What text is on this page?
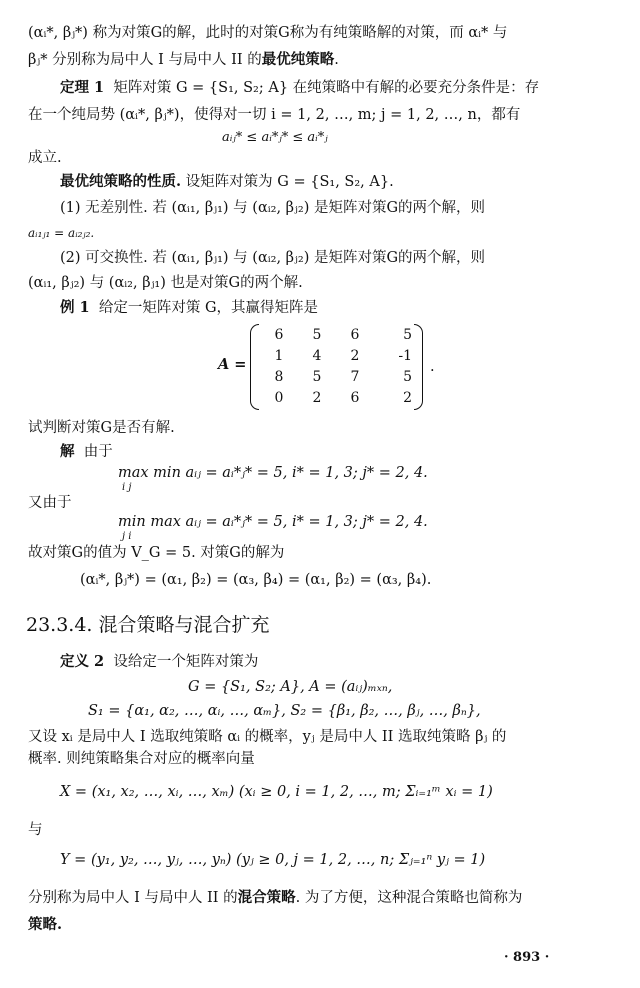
(αᵢ*, βⱼ*) 称为对策G的解，此时的对策G称为有纯策略解的对策，而 αᵢ* 与
βⱼ* 分别称为局中人 I 与局中人 II 的最优纯策略.
定理 1 矩阵对策 G = {S₁, S₂; A} 在纯策略中有解的必要充分条件是：存
在一个纯局势 (αᵢ*, βⱼ*)，使得对一切 i = 1, 2, …, m; j = 1, 2, …, n，都有
aᵢⱼ* ≤ aᵢ*ⱼ* ≤ aᵢ*ⱼ
成立.
最优纯策略的性质. 设矩阵对策为 G = {S₁, S₂, A}.
(1) 无差别性. 若 (αᵢ₁, βⱼ₁) 与 (αᵢ₂, βⱼ₂) 是矩阵对策G的两个解，则
aᵢ₁ⱼ₁ = aᵢ₂ⱼ₂.
(2) 可交换性. 若 (αᵢ₁, βⱼ₁) 与 (αᵢ₂, βⱼ₂) 是矩阵对策G的两个解，则
(αᵢ₁, βⱼ₂) 与 (αᵢ₂, βⱼ₁) 也是对策G的两个解.
例 1 给定一矩阵对策 G，其赢得矩阵是
A =
6	5	6	5
1	4	2	-1
8	5	7	5
0	2	6	2
.
试判断对策G是否有解.
解 由于
max min aᵢⱼ = aᵢ*ⱼ* = 5, i* = 1, 3; j* = 2, 4.
i j
又由于
min max aᵢⱼ = aᵢ*ⱼ* = 5, i* = 1, 3; j* = 2, 4.
j i
故对策G的值为 V_G = 5. 对策G的解为
(αᵢ*, βⱼ*) = (α₁, β₂) = (α₃, β₄) = (α₁, β₂) = (α₃, β₄).
23.3.4. 混合策略与混合扩充
定义 2 设给定一个矩阵对策为
G = {S₁, S₂; A}, A = (aᵢⱼ)ₘₓₙ,
S₁ = {α₁, α₂, …, αᵢ, …, αₘ}, S₂ = {β₁, β₂, …, βⱼ, …, βₙ},
又设 xᵢ 是局中人 I 选取纯策略 αᵢ 的概率，yⱼ 是局中人 II 选取纯策略 βⱼ 的
概率. 则纯策略集合对应的概率向量
X = (x₁, x₂, …, xᵢ, …, xₘ) (xᵢ ≥ 0, i = 1, 2, …, m; Σᵢ₌₁ᵐ xᵢ = 1)
与
Y = (y₁, y₂, …, yⱼ, …, yₙ) (yⱼ ≥ 0, j = 1, 2, …, n; Σⱼ₌₁ⁿ yⱼ = 1)
分别称为局中人 I 与局中人 II 的混合策略. 为了方便，这种混合策略也简称为
策略.
· 893 ·
